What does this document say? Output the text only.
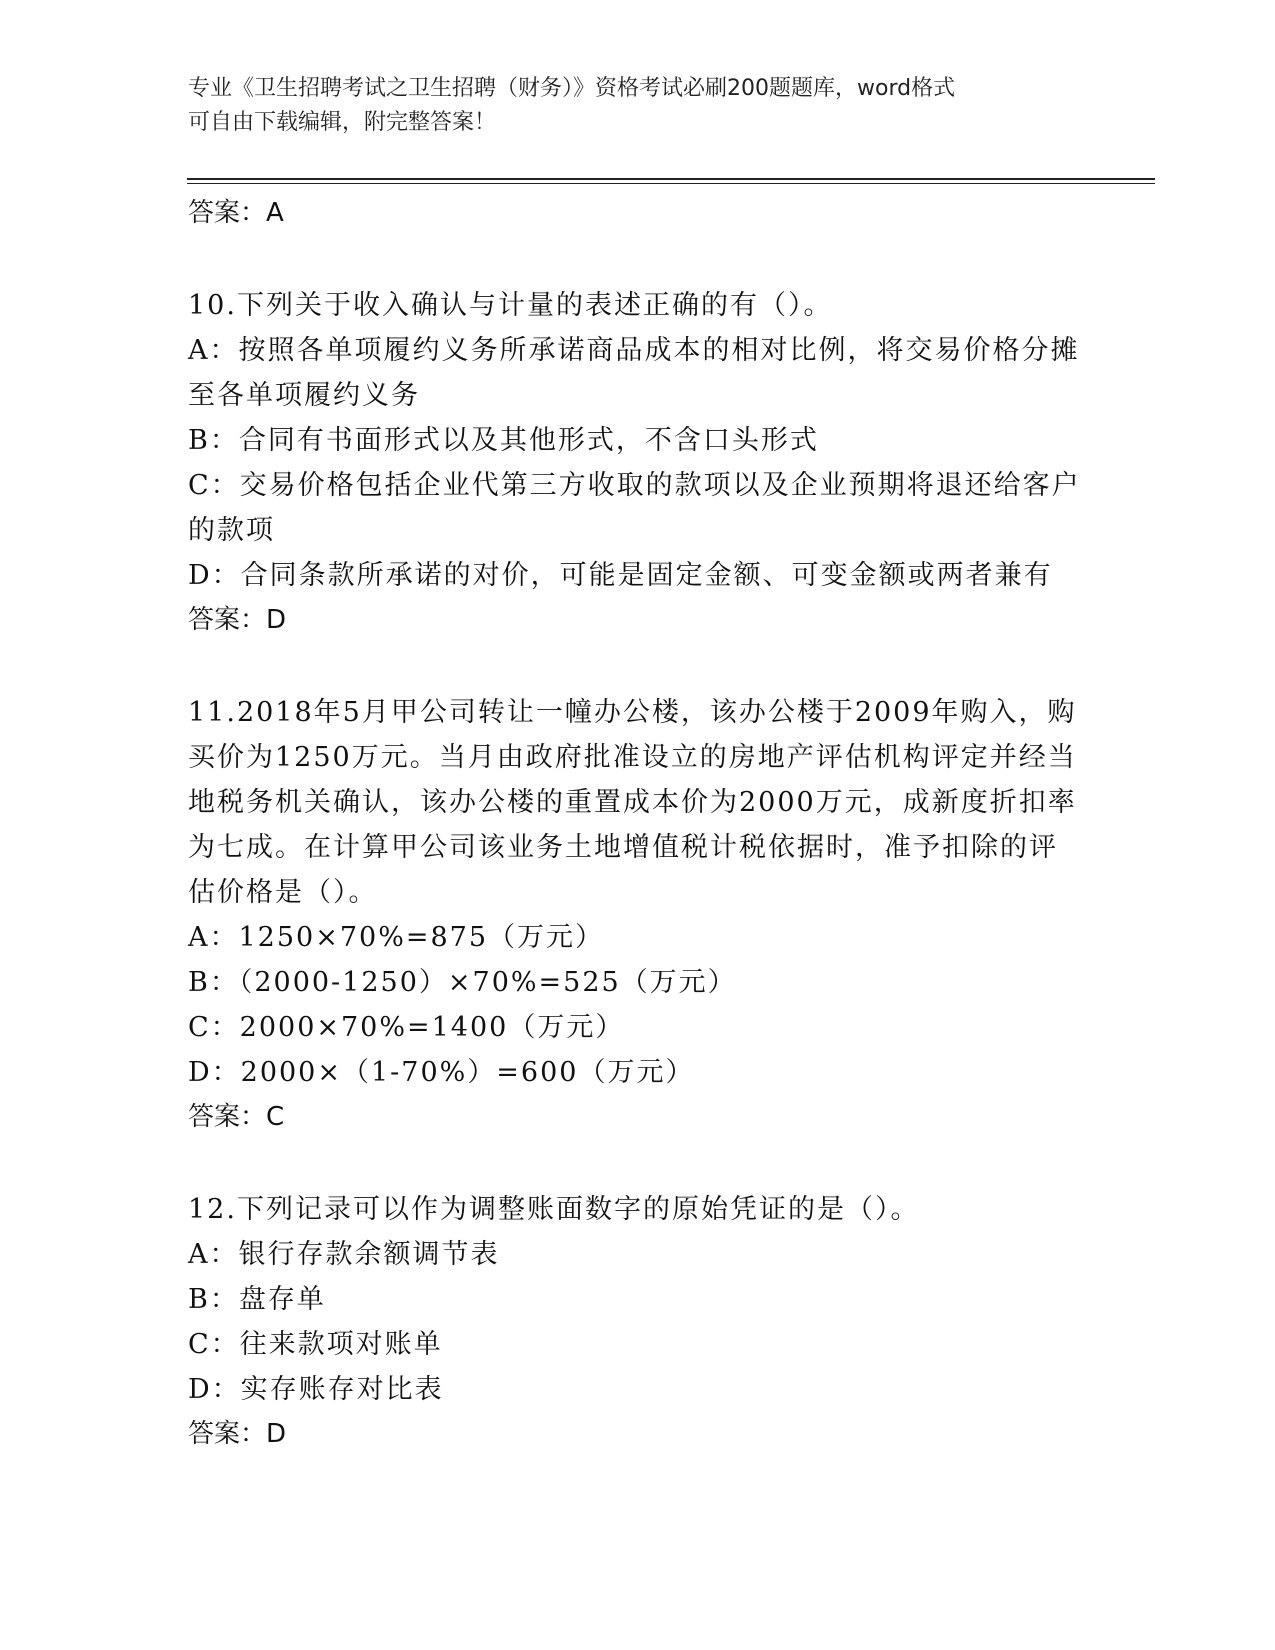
专业《卫生招聘考试之卫生招聘（财务）》资格考试必刷200题题库，word格式
可自由下载编辑，附完整答案！
答案：A
10.下列关于收入确认与计量的表述正确的有（）。
A：按照各单项履约义务所承诺商品成本的相对比例，将交易价格分摊
至各单项履约义务
B：合同有书面形式以及其他形式，不含口头形式
C：交易价格包括企业代第三方收取的款项以及企业预期将退还给客户
的款项
D：合同条款所承诺的对价，可能是固定金额、可变金额或两者兼有
答案：D
11.2018年5月甲公司转让一幢办公楼，该办公楼于2009年购入，购
买价为1250万元。当月由政府批准设立的房地产评估机构评定并经当
地税务机关确认，该办公楼的重置成本价为2000万元，成新度折扣率
为七成。在计算甲公司该业务土地增值税计税依据时，准予扣除的评
估价格是（）。
A：1250×70%=875（万元）
B：（2000-1250）×70%=525（万元）
C：2000×70%=1400（万元）
D：2000×（1-70%）=600（万元）
答案：C
12.下列记录可以作为调整账面数字的原始凭证的是（）。
A：银行存款余额调节表
B：盘存单
C：往来款项对账单
D：实存账存对比表
答案：D
